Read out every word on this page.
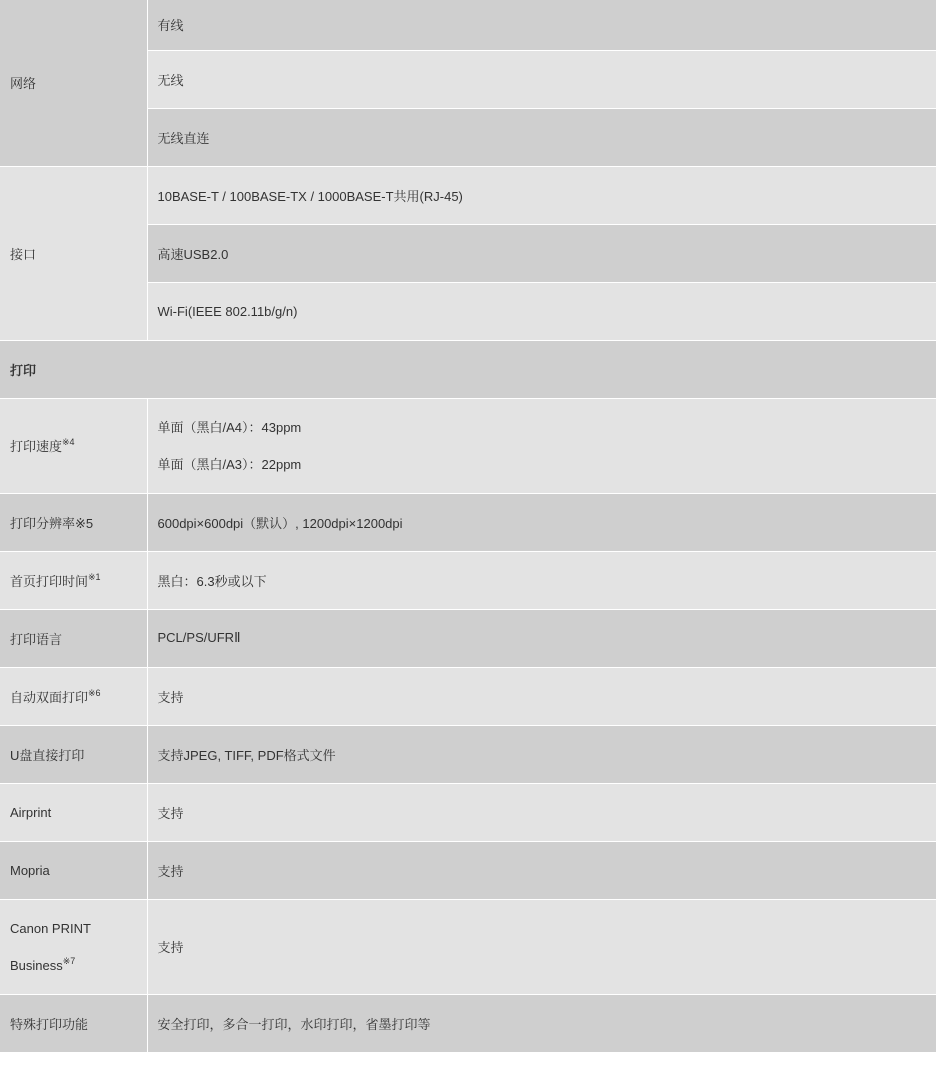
网络	有线
	无线
	无线直连
接口	10BASE-T / 100BASE-TX / 1000BASE-T共用(RJ-45)
	高速USB2.0
	Wi-Fi(IEEE 802.11b/g/n)
打印	
打印速度$^{※4}$	单面（黑白/A4）：43ppm
单面（黑白/A3）：22ppm

打印分辨率※5	600dpi×600dpi（默认）, 1200dpi×1200dpi
首页打印时间$^{※1}$	黑白：6.3秒或以下
打印语言	PCL/PS/UFRⅡ
自动双面打印$^{※6}$	支持
U盘直接打印	支持JPEG, TIFF, PDF格式文件
Airprint	支持
Mopria	支持

Canon PRINT
Business$^{※7}$	支持
特殊打印功能	安全打印，多合一打印，水印打印，省墨打印等
